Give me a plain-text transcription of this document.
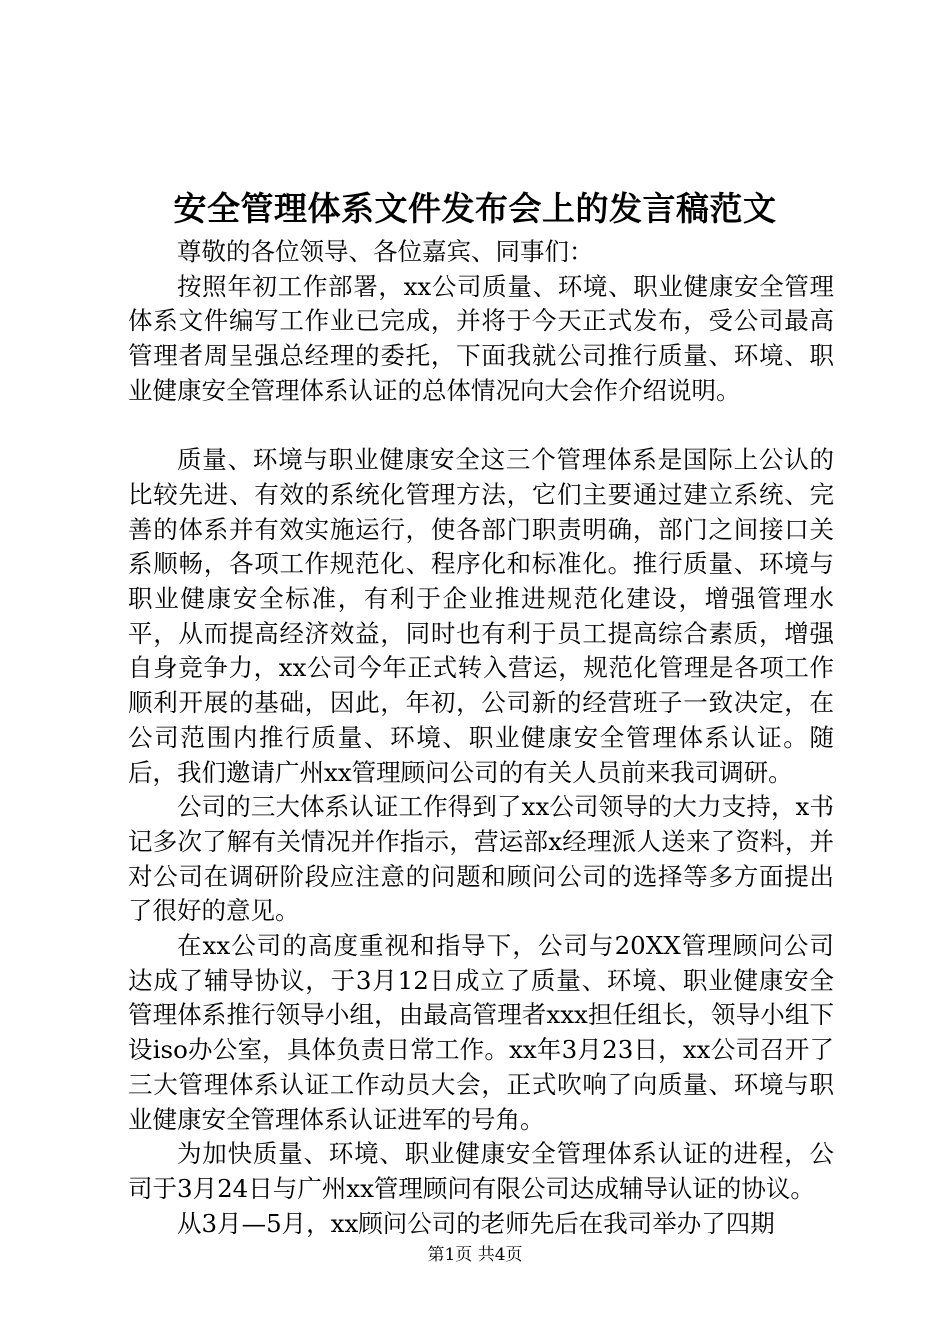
安全管理体系文件发布会上的发言稿范文

尊敬的各位领导、各位嘉宾、同事们：

按照年初工作部署，xx公司质量、环境、职业健康安全管理体系文件编写工作业已完成，并将于今天正式发布，受公司最高管理者周呈强总经理的委托，下面我就公司推行质量、环境、职业健康安全管理体系认证的总体情况向大会作介绍说明。

质量、环境与职业健康安全这三个管理体系是国际上公认的比较先进、有效的系统化管理方法，它们主要通过建立系统、完善的体系并有效实施运行，使各部门职责明确，部门之间接口关系顺畅，各项工作规范化、程序化和标准化。推行质量、环境与职业健康安全标准，有利于企业推进规范化建设，增强管理水平，从而提高经济效益，同时也有利于员工提高综合素质，增强自身竞争力，xx公司今年正式转入营运，规范化管理是各项工作顺利开展的基础，因此，年初，公司新的经营班子一致决定，在公司范围内推行质量、环境、职业健康安全管理体系认证。随后，我们邀请广州xx管理顾问公司的有关人员前来我司调研。

公司的三大体系认证工作得到了xx公司领导的大力支持，x书记多次了解有关情况并作指示，营运部x经理派人送来了资料，并对公司在调研阶段应注意的问题和顾问公司的选择等多方面提出了很好的意见。

在xx公司的高度重视和指导下，公司与20XX管理顾问公司达成了辅导协议，于3月12日成立了质量、环境、职业健康安全管理体系推行领导小组，由最高管理者xxx担任组长，领导小组下设iso办公室，具体负责日常工作。xx年3月23日，xx公司召开了三大管理体系认证工作动员大会，正式吹响了向质量、环境与职业健康安全管理体系认证进军的号角。

为加快质量、环境、职业健康安全管理体系认证的进程，公司于3月24日与广州xx管理顾问有限公司达成辅导认证的协议。

从3月—5月，xx顾问公司的老师先后在我司举办了四期

第1页 共4页
